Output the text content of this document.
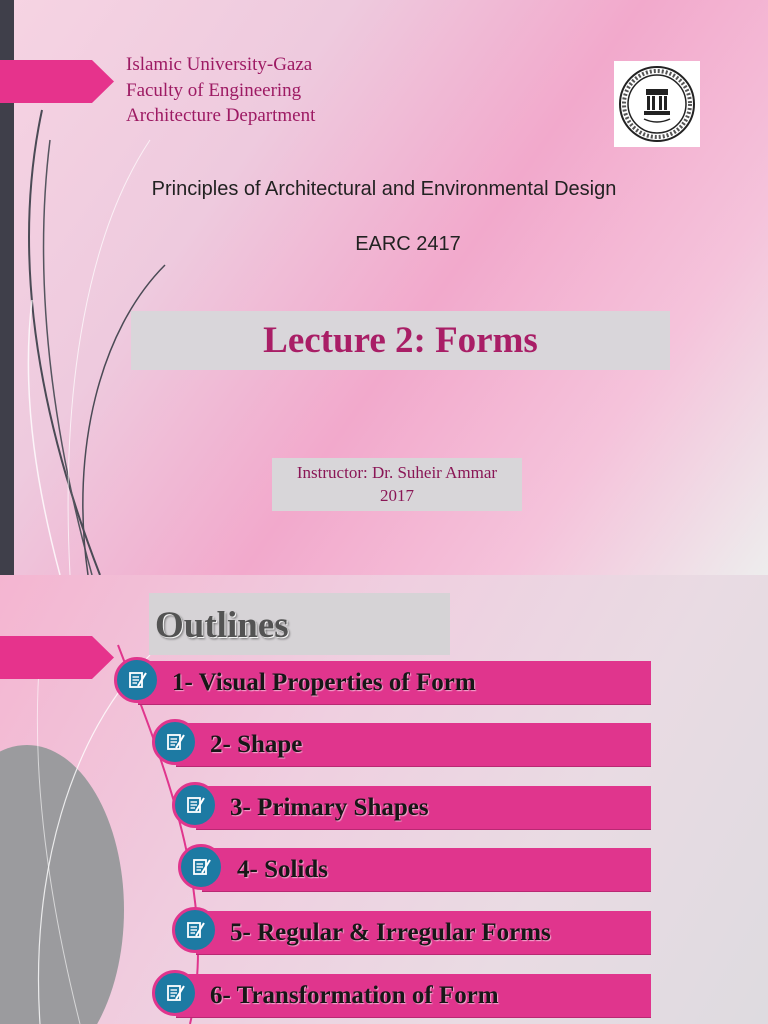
Islamic University-Gaza
Faculty of Engineering
Architecture Department
Principles of Architectural and Environmental Design
EARC 2417
Lecture 2: Forms
Instructor: Dr. Suheir Ammar
2017
Outlines
1- Visual Properties of Form
2- Shape
3- Primary Shapes
4- Solids
5- Regular & Irregular Forms
6- Transformation of Form
